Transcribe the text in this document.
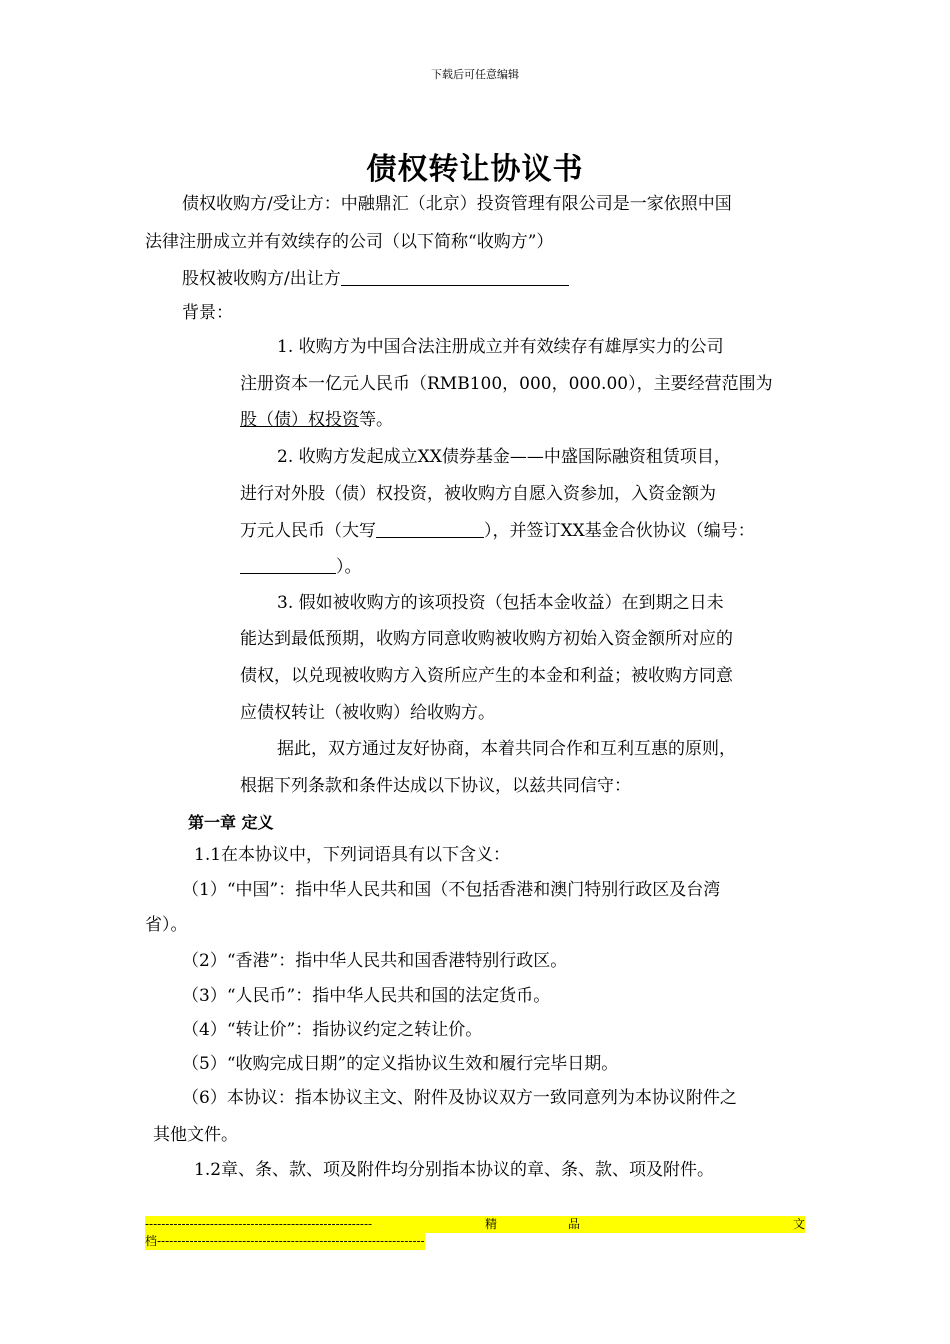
下载后可任意编辑
债权转让协议书
债权收购方/受让方：中融鼎汇（北京）投资管理有限公司是一家依照中国
法律注册成立并有效续存的公司（以下简称“收购方”）
股权被收购方/出让方
背景：
1. 收购方为中国合法注册成立并有效续存有雄厚实力的公司
注册资本一亿元人民币（RMB100，000，000.00），主要经营范围为
股（债）权投资等。
2. 收购方发起成立XX债券基金——中盛国际融资租赁项目，
进行对外股（债）权投资，被收购方自愿入资参加，入资金额为
万元人民币（大写	），并签订XX基金合伙协议（编号：
）。
3. 假如被收购方的该项投资（包括本金收益）在到期之日未
能达到最低预期，收购方同意收购被收购方初始入资金额所对应的
债权，以兑现被收购方入资所应产生的本金和利益；被收购方同意
应债权转让（被收购）给收购方。
据此，双方通过友好协商，本着共同合作和互利互惠的原则，
根据下列条款和条件达成以下协议，以兹共同信守：
第一章 定义
1.1在本协议中，下列词语具有以下含义：
（1）“中国”：指中华人民共和国（不包括香港和澳门特别行政区及台湾
省）。
（2）“香港”：指中华人民共和国香港特别行政区。
（3）“人民币”：指中华人民共和国的法定货币。
（4）“转让价”：指协议约定之转让价。
（5）“收购完成日期”的定义指协议生效和履行完毕日期。
（6）本协议：指本协议主文、附件及协议双方一致同意列为本协议附件之
其他文件。
1.2章、条、款、项及附件均分别指本协议的章、条、款、项及附件。
--------------------------------------------------------	精	品	文
档------------------------------------------------------------------
